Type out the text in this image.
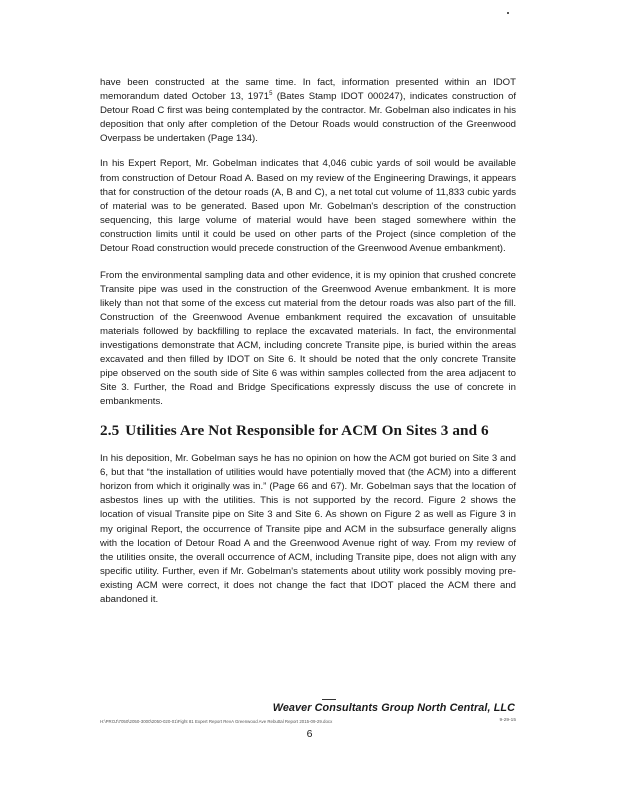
have been constructed at the same time. In fact, information presented within an IDOT memorandum dated October 13, 1971$^5$ (Bates Stamp IDOT 000247), indicates construction of Detour Road C first was being contemplated by the contractor. Mr. Gobelman also indicates in his deposition that only after completion of the Detour Roads would construction of the Greenwood Overpass be undertaken (Page 134).

In his Expert Report, Mr. Gobelman indicates that 4,046 cubic yards of soil would be available from construction of Detour Road A. Based on my review of the Engineering Drawings, it appears that for construction of the detour roads (A, B and C), a net total cut volume of 11,833 cubic yards of material was to be generated. Based upon Mr. Gobelman's description of the construction sequencing, this large volume of material would have been staged somewhere within the construction limits until it could be used on other parts of the Project (since completion of the Detour Road construction would precede construction of the Greenwood Avenue embankment).

From the environmental sampling data and other evidence, it is my opinion that crushed concrete Transite pipe was used in the construction of the Greenwood Avenue embankment. It is more likely than not that some of the excess cut material from the detour roads was also part of the fill. Construction of the Greenwood Avenue embankment required the excavation of unsuitable materials followed by backfilling to replace the excavated materials. In fact, the environmental investigations demonstrate that ACM, including concrete Transite pipe, is buried within the areas excavated and then filled by IDOT on Site 6. It should be noted that the only concrete Transite pipe observed on the south side of Site 6 was within samples collected from the area adjacent to Site 3. Further, the Road and Bridge Specifications expressly discuss the use of concrete in embankments.

2.5 Utilities Are Not Responsible for ACM On Sites 3 and 6

In his deposition, Mr. Gobelman says he has no opinion on how the ACM got buried on Site 3 and 6, but that “the installation of utilities would have potentially moved that (the ACM) into a different horizon from which it originally was in.” (Page 66 and 67). Mr. Gobelman says that the location of asbestos lines up with the utilities. This is not supported by the record. Figure 2 shows the location of visual Transite pipe on Site 3 and Site 6. As shown on Figure 2 as well as Figure 3 in my original Report, the occurrence of Transite pipe and ACM in the subsurface generally aligns with the location of Detour Road A and the Greenwood Avenue right of way. From my review of the utilities onsite, the overall occurrence of ACM, including Transite pipe, does not align with any specific utility. Further, even if Mr. Gobelman's statements about utility work possibly moving pre-existing ACM were correct, it does not change the fact that IDOT placed the ACM there and abandoned it.

Weaver Consultants Group North Central, LLC
H:\PROJ\7050\2050-3000\2050-020-01\Fight 81 Expert Report RevA Greenwood Ave Rebuttal Report 2015-09-29.docx	9-29-15
6
